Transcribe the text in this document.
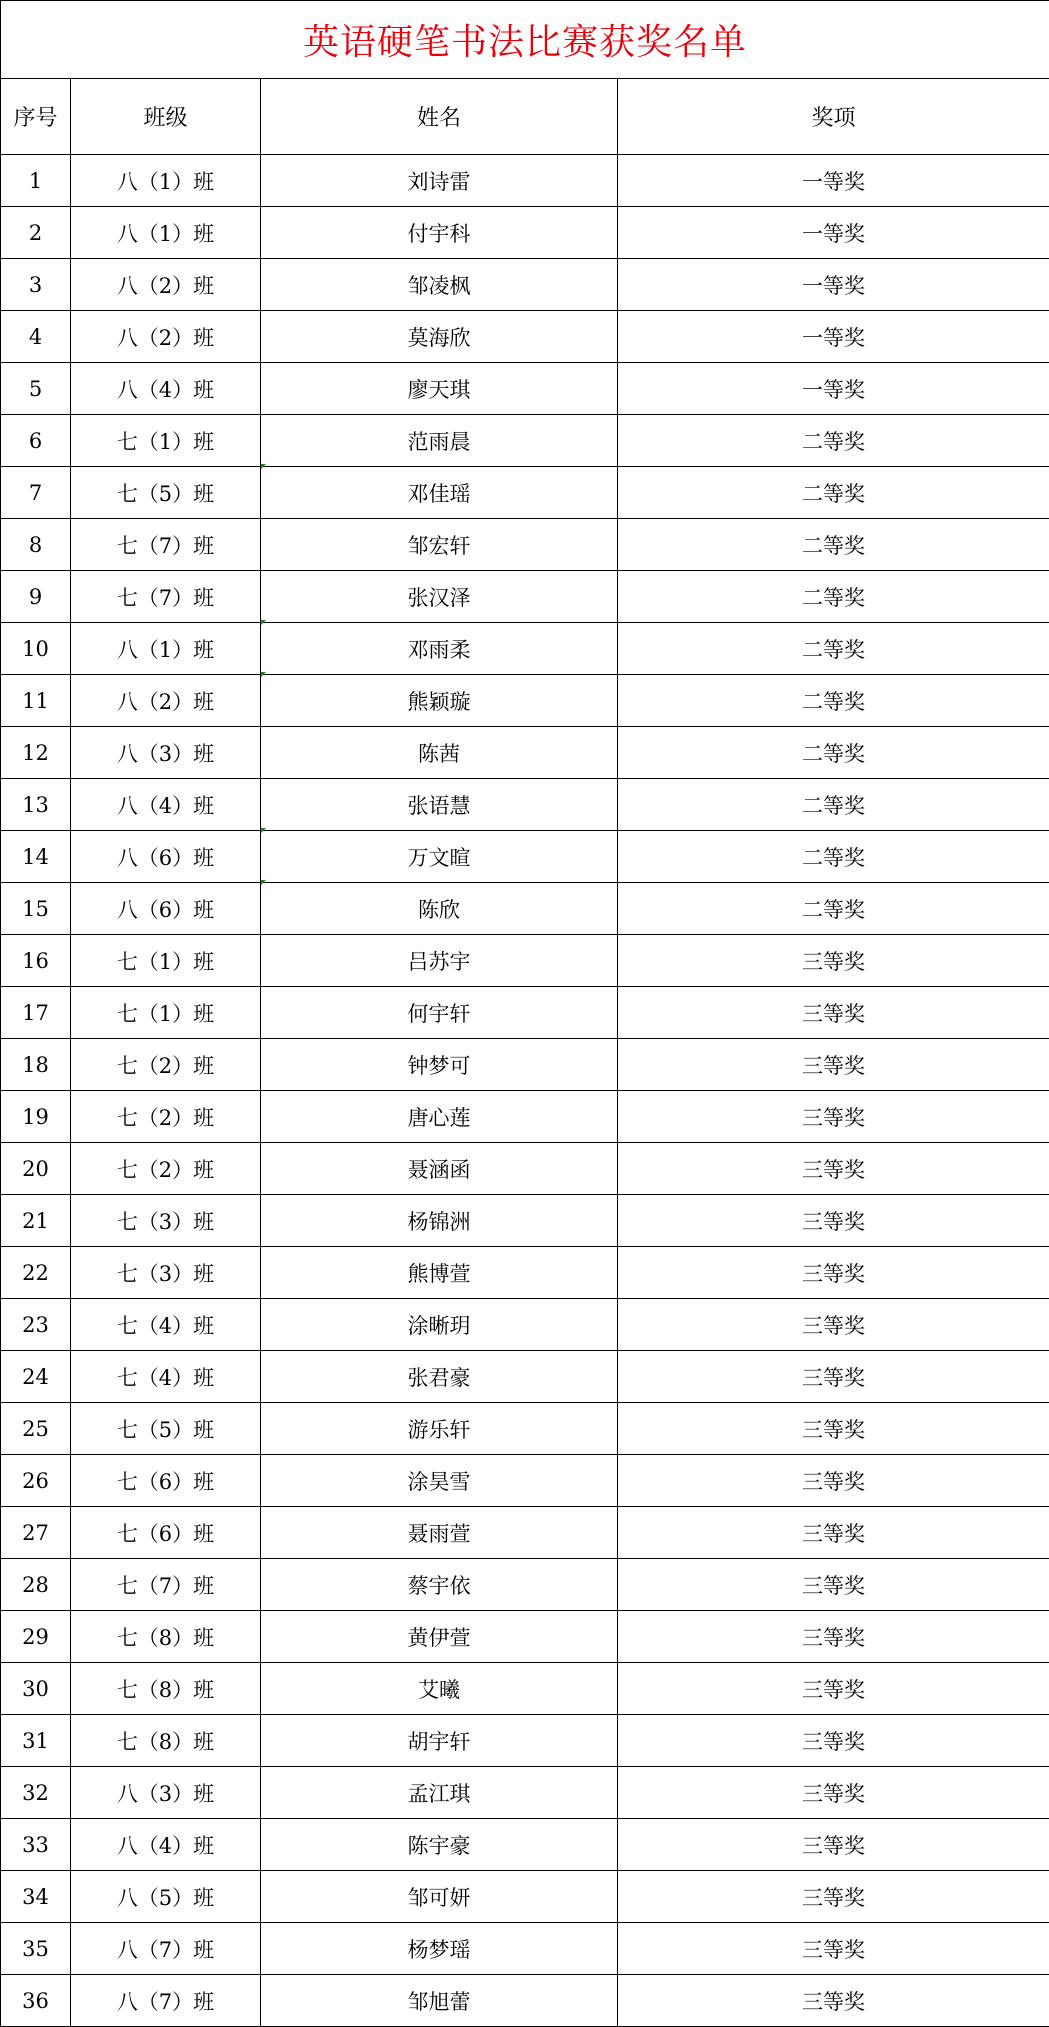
英语硬笔书法比赛获奖名单			
序号	班级	姓名	奖项
1	八（1）班	刘诗雷	一等奖
2	八（1）班	付宇科	一等奖
3	八（2）班	邹凌枫	一等奖
4	八（2）班	莫海欣	一等奖
5	八（4）班	廖天琪	一等奖
6	七（1）班	范雨晨	二等奖
7	七（5）班	邓佳瑶	二等奖
8	七（7）班	邹宏轩	二等奖
9	七（7）班	张汉泽	二等奖
10	八（1）班	邓雨柔	二等奖
11	八（2）班	熊颖璇	二等奖
12	八（3）班	陈茜	二等奖
13	八（4）班	张语慧	二等奖
14	八（6）班	万文暄	二等奖
15	八（6）班	陈欣	二等奖
16	七（1）班	吕苏宇	三等奖
17	七（1）班	何宇轩	三等奖
18	七（2）班	钟梦可	三等奖
19	七（2）班	唐心莲	三等奖
20	七（2）班	聂涵函	三等奖
21	七（3）班	杨锦洲	三等奖
22	七（3）班	熊博萱	三等奖
23	七（4）班	涂晰玥	三等奖
24	七（4）班	张君豪	三等奖
25	七（5）班	游乐轩	三等奖
26	七（6）班	涂昊雪	三等奖
27	七（6）班	聂雨萱	三等奖
28	七（7）班	蔡宇依	三等奖
29	七（8）班	黄伊萱	三等奖
30	七（8）班	艾曦	三等奖
31	七（8）班	胡宇轩	三等奖
32	八（3）班	孟江琪	三等奖
33	八（4）班	陈宇豪	三等奖
34	八（5）班	邹可妍	三等奖
35	八（7）班	杨梦瑶	三等奖
36	八（7）班	邹旭蕾	三等奖
